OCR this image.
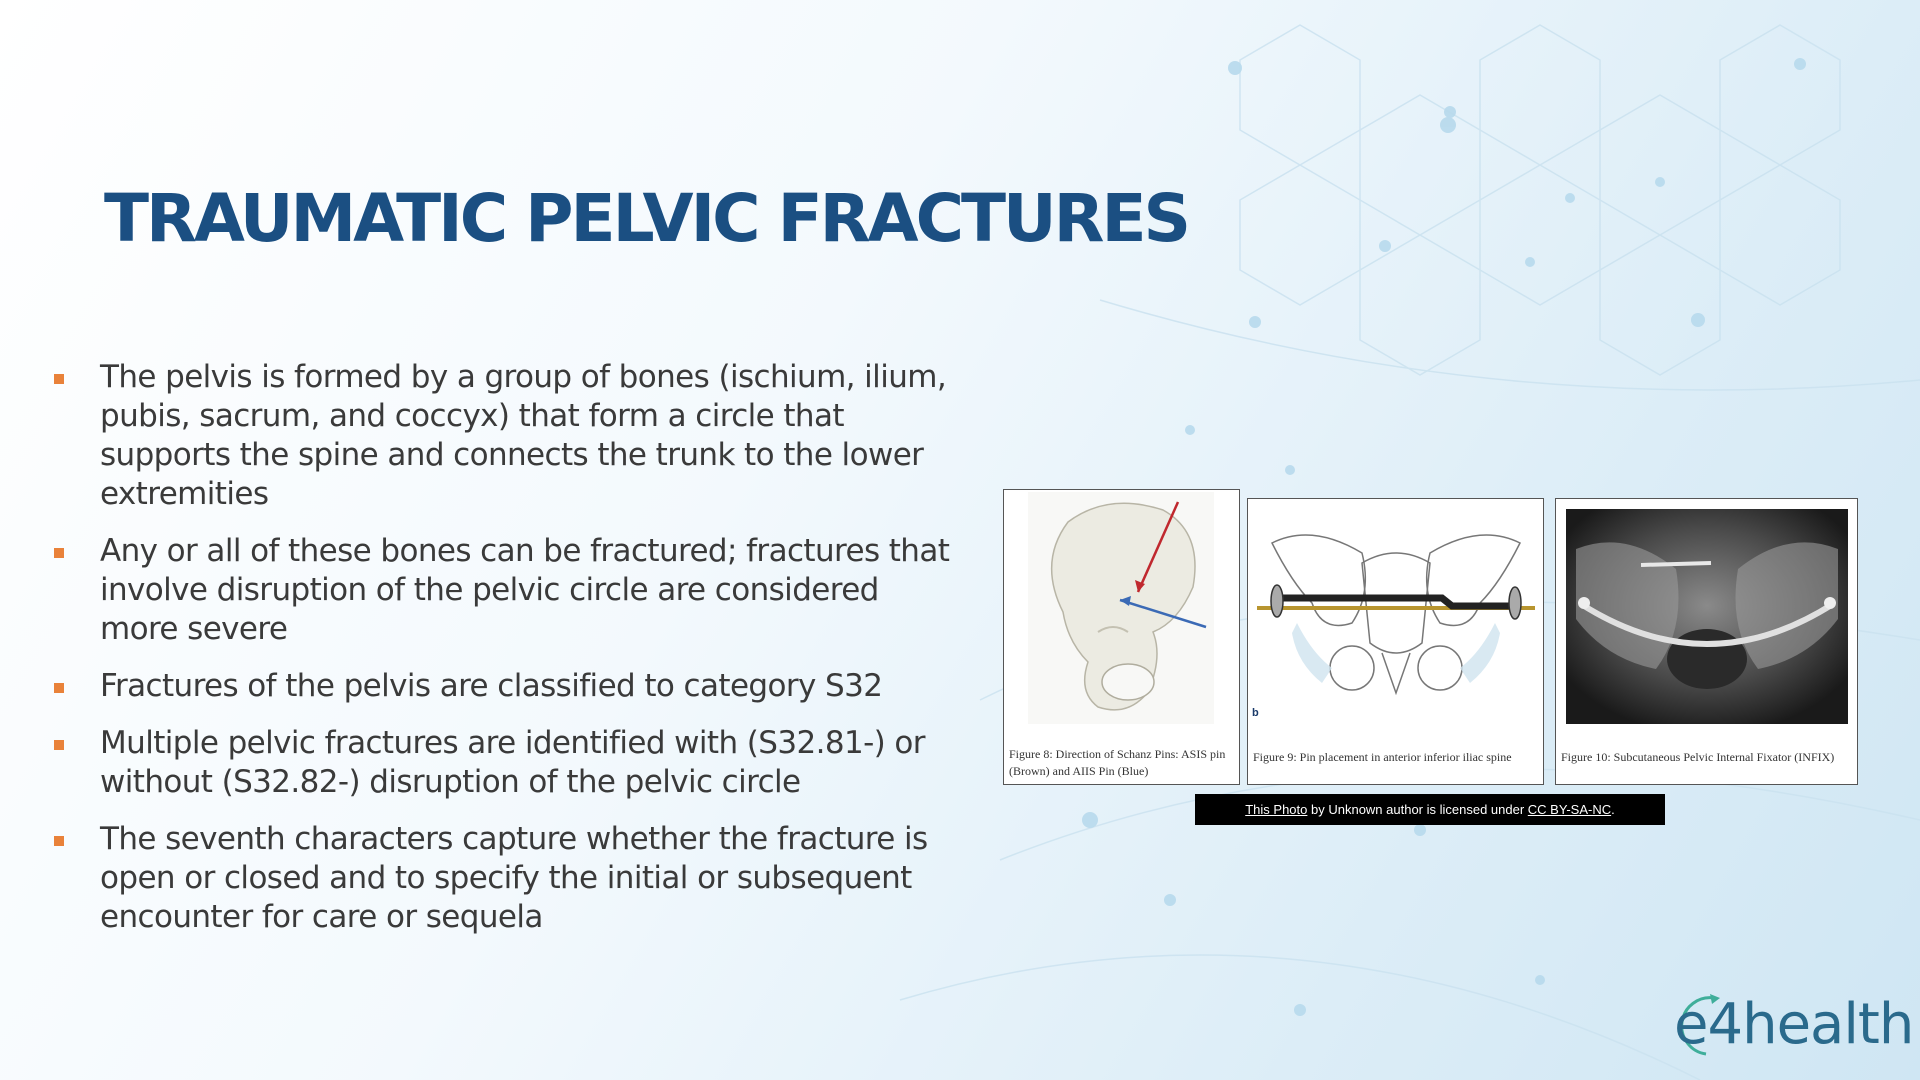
TRAUMATIC PELVIC FRACTURES
The pelvis is formed by a group of bones (ischium, ilium, pubis, sacrum, and coccyx) that form a circle that supports the spine and connects the trunk to the lower extremities
Any or all of these bones can be fractured; fractures that involve disruption of the pelvic circle are considered more severe
Fractures of the pelvis are classified to category S32
Multiple pelvic fractures are identified with (S32.81-) or without (S32.82-) disruption of the pelvic circle
The seventh characters capture whether the fracture is open or closed and to specify the initial or subsequent encounter for care or sequela
Figure 8: Direction of Schanz Pins: ASIS pin (Brown) and AIIS Pin (Blue)
b
Figure 9: Pin placement in anterior inferior iliac spine	Figure 10: Subcutaneous Pelvic Internal Fixator (INFIX)
This Photo by Unknown author is licensed under CC BY-SA-NC.
e4health
